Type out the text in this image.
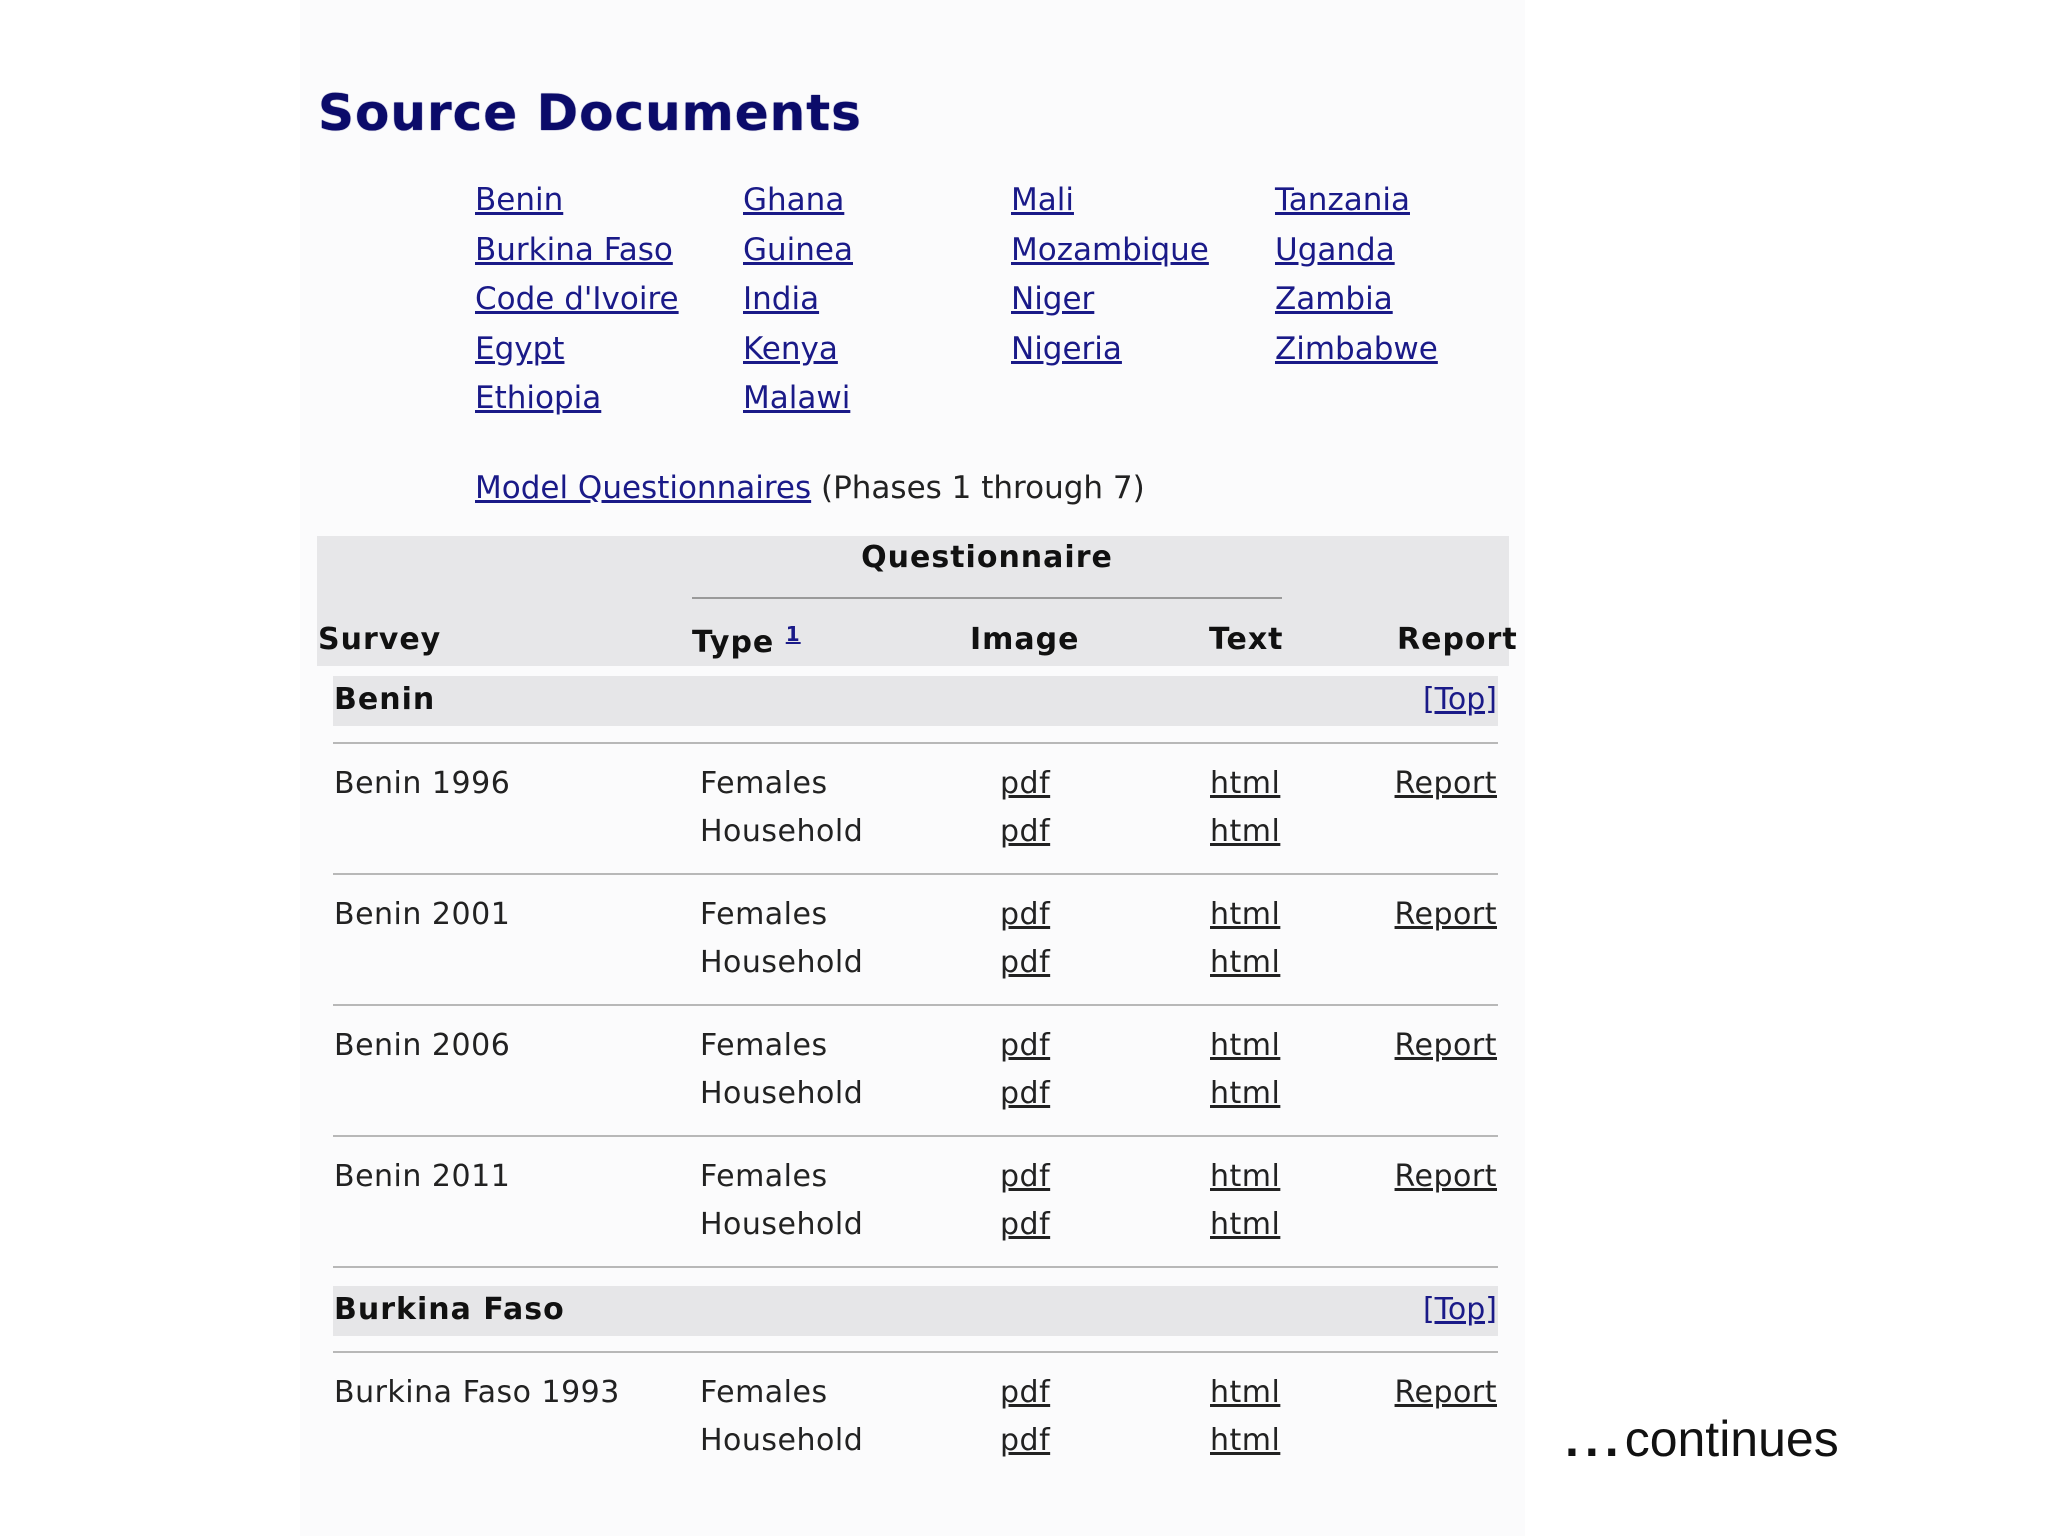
Source Documents
Benin
Burkina Faso
Code d'Ivoire
Egypt
Ethiopia
Ghana
Guinea
India
Kenya
Malawi
Mali
Mozambique
Niger
Nigeria
Tanzania
Uganda
Zambia
Zimbabwe
Model Questionnaires (Phases 1 through 7)
Questionnaire
Survey	Type $^1$	Image	Text	Report
Benin	[Top]
Benin 1996	Females	pdf	html	Report
Household	pdf	html
Benin 2001	Females	pdf	html	Report
Household	pdf	html
Benin 2006	Females	pdf	html	Report
Household	pdf	html
Benin 2011	Females	pdf	html	Report
Household	pdf	html
Burkina Faso	[Top]
Burkina Faso 1993	Females	pdf	html	Report
Household	pdf	html	...continues
